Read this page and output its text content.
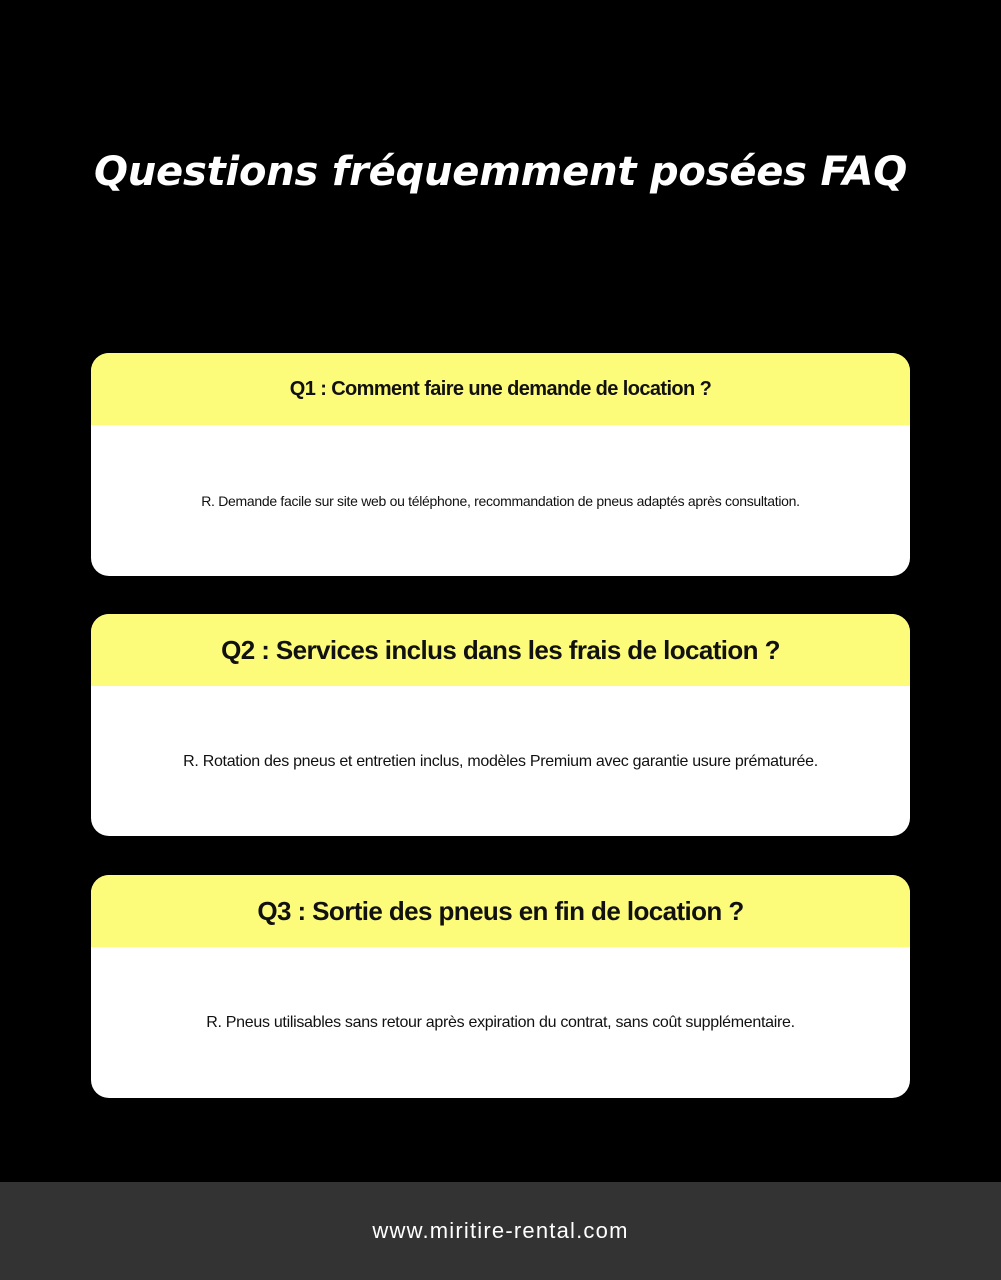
Questions fréquemment posées FAQ
Q1 : Comment faire une demande de location ?
R. Demande facile sur site web ou téléphone, recommandation de pneus adaptés après consultation.
Q2 : Services inclus dans les frais de location ?
R. Rotation des pneus et entretien inclus, modèles Premium avec garantie usure prématurée.
Q3 : Sortie des pneus en fin de location ?
R. Pneus utilisables sans retour après expiration du contrat, sans coût supplémentaire.
www.miritire-rental.com
